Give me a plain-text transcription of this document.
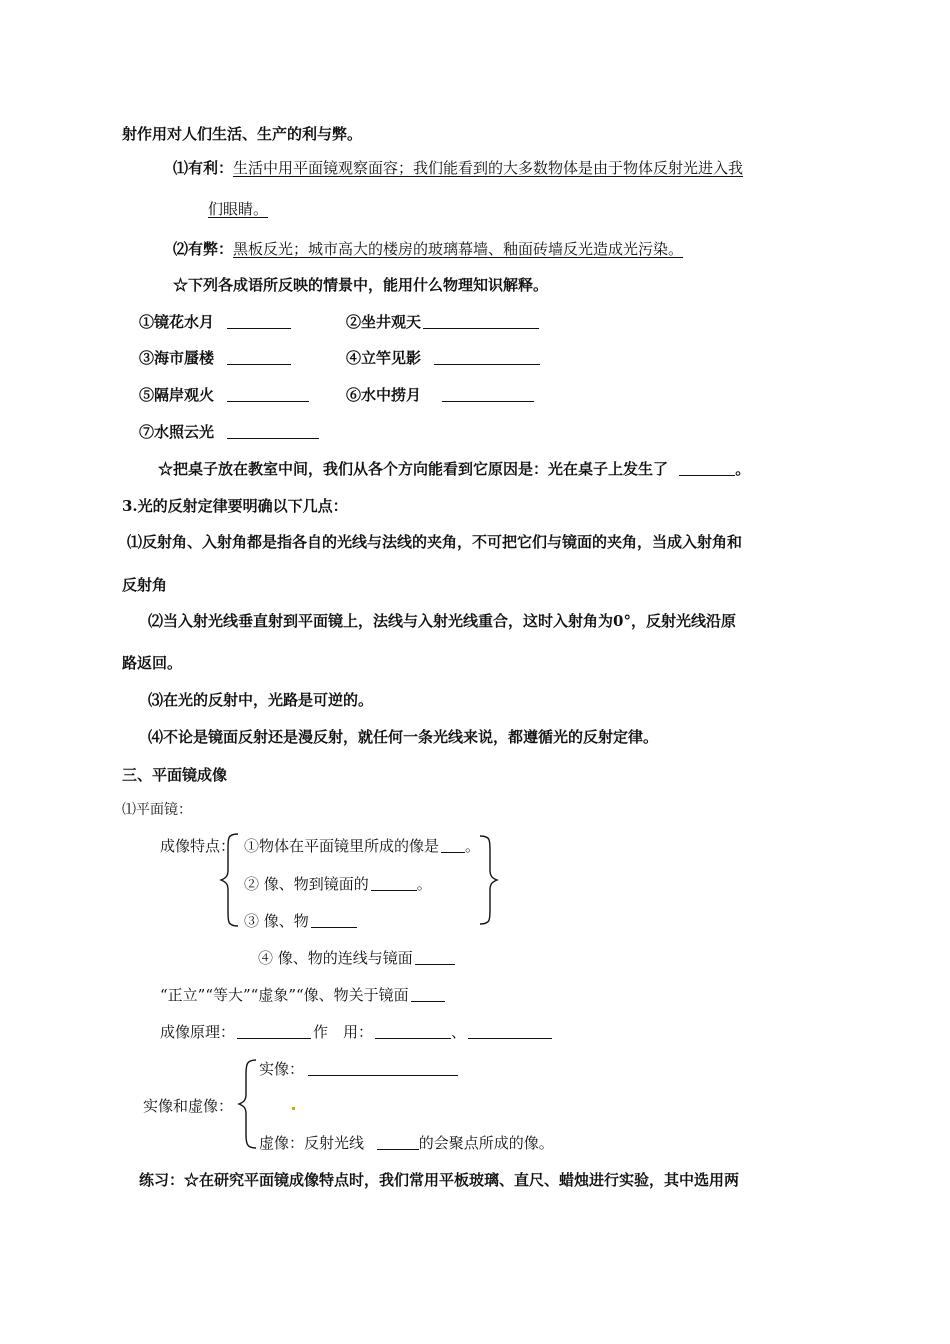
射作用对人们生活、生产的利与弊。
⑴有利：生活中用平面镜观察面容；我们能看到的大多数物体是由于物体反射光进入我
们眼睛。
⑵有弊：黑板反光；城市高大的楼房的玻璃幕墙、釉面砖墙反光造成光污染。
☆下列各成语所反映的情景中，能用什么物理知识解释。
①镜花水月	②坐井观天
③海市蜃楼	④立竿见影
⑤隔岸观火	⑥水中捞月
⑦水照云光
☆把桌子放在教室中间，我们从各个方向能看到它原因是：光在桌子上发生了	。
3.光的反射定律要明确以下几点：
⑴反射角、入射角都是指各自的光线与法线的夹角，不可把它们与镜面的夹角，当成入射角和
反射角
⑵当入射光线垂直射到平面镜上，法线与入射光线重合，这时入射角为0°，反射光线沿原
路返回。
⑶在光的反射中，光路是可逆的。
⑷不论是镜面反射还是漫反射，就任何一条光线来说，都遵循光的反射定律。
三、平面镜成像
⑴平面镜：
成像特点： ①物体在平面镜里所成的像是 。
② 像、物到镜面的	。
③ 像、物
④ 像、物的连线与镜面
“正立”“等大”“虚象”“像、物关于镜面
成像原理：	作　用：	、
实像和虚像：
实像：
虚像：反射光线	的会聚点所成的像。
练习：☆在研究平面镜成像特点时，我们常用平板玻璃、直尺、蜡烛进行实验，其中选用两
